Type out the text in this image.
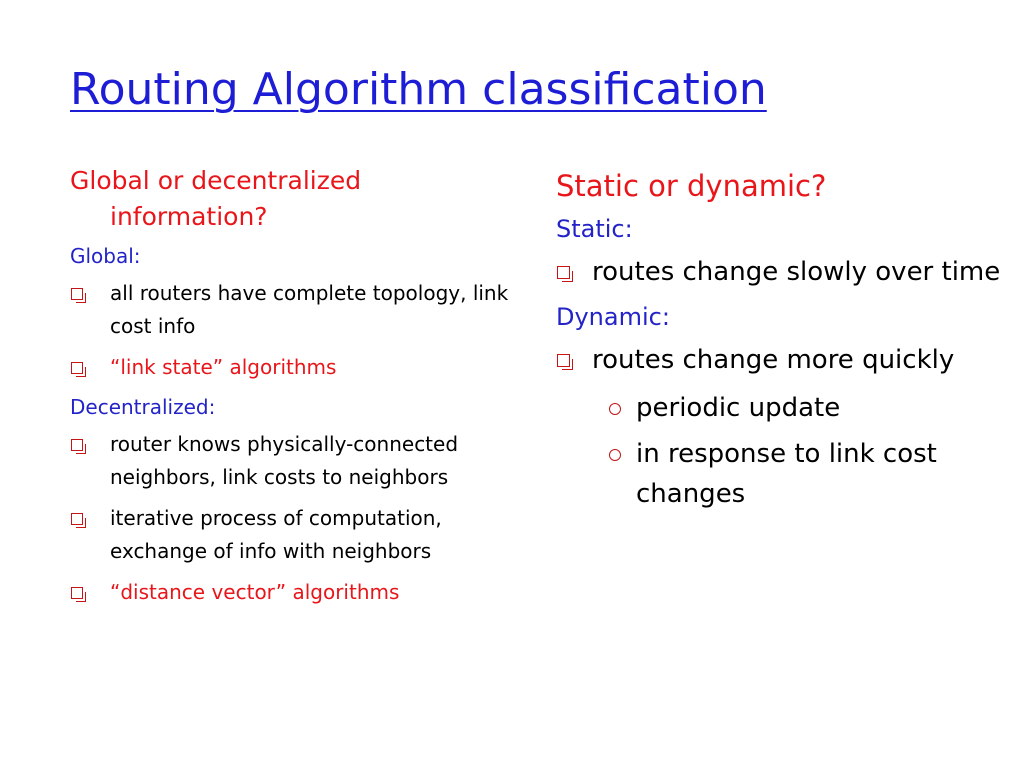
Routing Algorithm classification
Global or decentralized information?
Global:
all routers have complete topology, link cost info
“link state” algorithms
Decentralized:
router knows physically-connected neighbors, link costs to neighbors
iterative process of computation, exchange of info with neighbors
“distance vector” algorithms
Static or dynamic?
Static:
routes change slowly over time
Dynamic:
routes change more quickly
periodic update
in response to link cost changes
